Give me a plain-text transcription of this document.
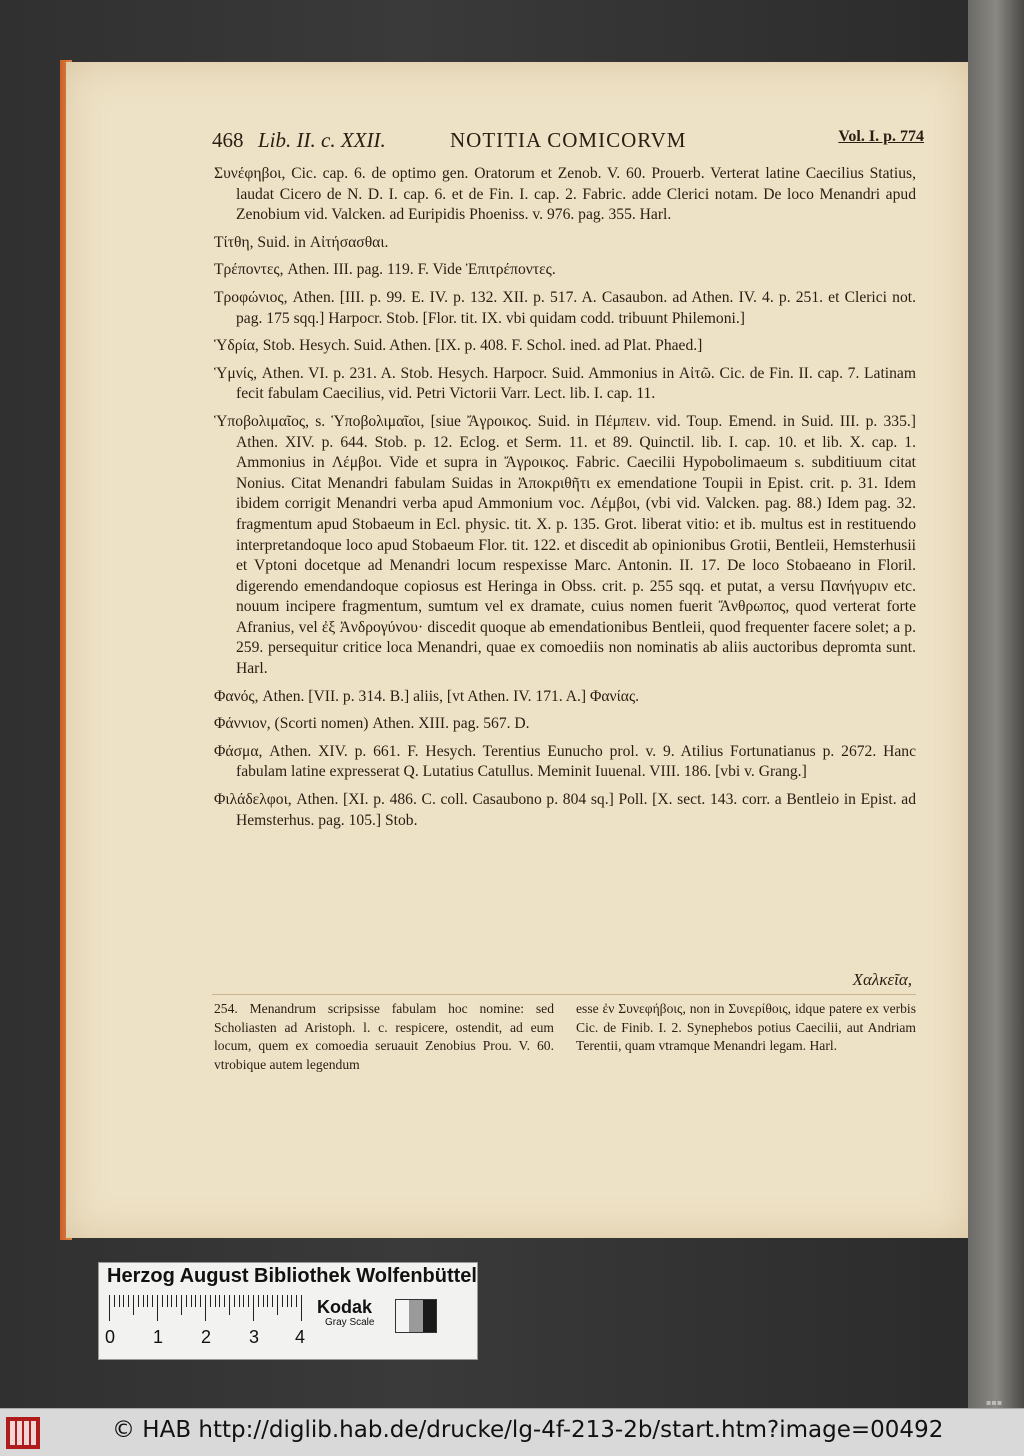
468 Lib. II. c. XXII.	NOTITIA COMICORVM	Vol. I. p. 774

Συνέφηβοι, Cic. cap. 6. de optimo gen. Oratorum et Zenob. V. 60. Prouerb. Verterat latine Caecilius Statius, laudat Cicero de N. D. I. cap. 6. et de Fin. I. cap. 2. Fabric. adde Clerici notam. De loco Menandri apud Zenobium vid. Valcken. ad Euripidis Phoeniss. v. 976. pag. 355. Harl.

Τίτθη, Suid. in Αἰτήσασθαι.

Τρέποντες, Athen. III. pag. 119. F. Vide Ἐπιτρέποντες.

Τροφώνιος, Athen. [III. p. 99. E. IV. p. 132. XII. p. 517. A. Casaubon. ad Athen. IV. 4. p. 251. et Clerici not. pag. 175 sqq.] Harpocr. Stob. [Flor. tit. IX. vbi quidam codd. tribuunt Philemoni.]

Ὑδρία, Stob. Hesych. Suid. Athen. [IX. p. 408. F. Schol. ined. ad Plat. Phaed.]

Ὑμνίς, Athen. VI. p. 231. A. Stob. Hesych. Harpocr. Suid. Ammonius in Αἰτῶ. Cic. de Fin. II. cap. 7. Latinam fecit fabulam Caecilius, vid. Petri Victorii Varr. Lect. lib. I. cap. 11.

Ὑποβολιμαῖος, s. Ὑποβολιμαῖοι, [siue Ἄγροικος. Suid. in Πέμπειν. vid. Toup. Emend. in Suid. III. p. 335.] Athen. XIV. p. 644. Stob. p. 12. Eclog. et Serm. 11. et 89. Quinctil. lib. I. cap. 10. et lib. X. cap. 1. Ammonius in Λέμβοι. Vide et supra in Ἄγροικος. Fabric. Caecilii Hypobolimaeum s. subditiuum citat Nonius. Citat Menandri fabulam Suidas in Ἀποκριθῆτι ex emendatione Toupii in Epist. crit. p. 31. Idem ibidem corrigit Menandri verba apud Ammonium voc. Λέμβοι, (vbi vid. Valcken. pag. 88.) Idem pag. 32. fragmentum apud Stobaeum in Ecl. physic. tit. X. p. 135. Grot. liberat vitio: et ib. multus est in restituendo interpretandoque loco apud Stobaeum Flor. tit. 122. et discedit ab opinionibus Grotii, Bentleii, Hemsterhusii et Vptoni docetque ad Menandri locum respexisse Marc. Antonin. II. 17. De loco Stobaeano in Floril. digerendo emendandoque copiosus est Heringa in Obss. crit. p. 255 sqq. et putat, a versu Πανήγυριν etc. nouum incipere fragmentum, sumtum vel ex dramate, cuius nomen fuerit Ἄνθρωπος, quod verterat forte Afranius, vel ἐξ Ἀνδρογύνου· discedit quoque ab emendationibus Bentleii, quod frequenter facere solet; a p. 259. persequitur critice loca Menandri, quae ex comoediis non nominatis ab aliis auctoribus depromta sunt. Harl.

Φανός, Athen. [VII. p. 314. B.] aliis, [vt Athen. IV. 171. A.] Φανίας.

Φάννιον, (Scorti nomen) Athen. XIII. pag. 567. D.

Φάσμα, Athen. XIV. p. 661. F. Hesych. Terentius Eunucho prol. v. 9. Atilius Fortunatianus p. 2672. Hanc fabulam latine expresserat Q. Lutatius Catullus. Meminit Iuuenal. VIII. 186. [vbi v. Grang.]

Φιλάδελφοι, Athen. [XI. p. 486. C. coll. Casaubono p. 804 sq.] Poll. [X. sect. 143. corr. a Bentleio in Epist. ad Hemsterhus. pag. 105.] Stob.

Χαλκεῖα,
254. Menandrum scripsisse fabulam hoc nomine: sed Scholiasten ad Aristoph. l. c. respicere, ostendit, ad eum locum, quem ex comoedia seruauit Zenobius Prou. V. 60. vtrobique autem legendum
esse ἐν Συνεφήβοις, non in Συνερίθοις, idque patere ex verbis Cic. de Finib. I. 2. Synephebos potius Caecilii, aut Andriam Terentii, quam vtramque Menandri legam. Harl.
Herzog August Bibliothek Wolfenbüttel
0 1 2 3 4
Kodak
Gray Scale
▪▪▪
© HAB http://diglib.hab.de/drucke/lg-4f-213-2b/start.htm?image=00492
